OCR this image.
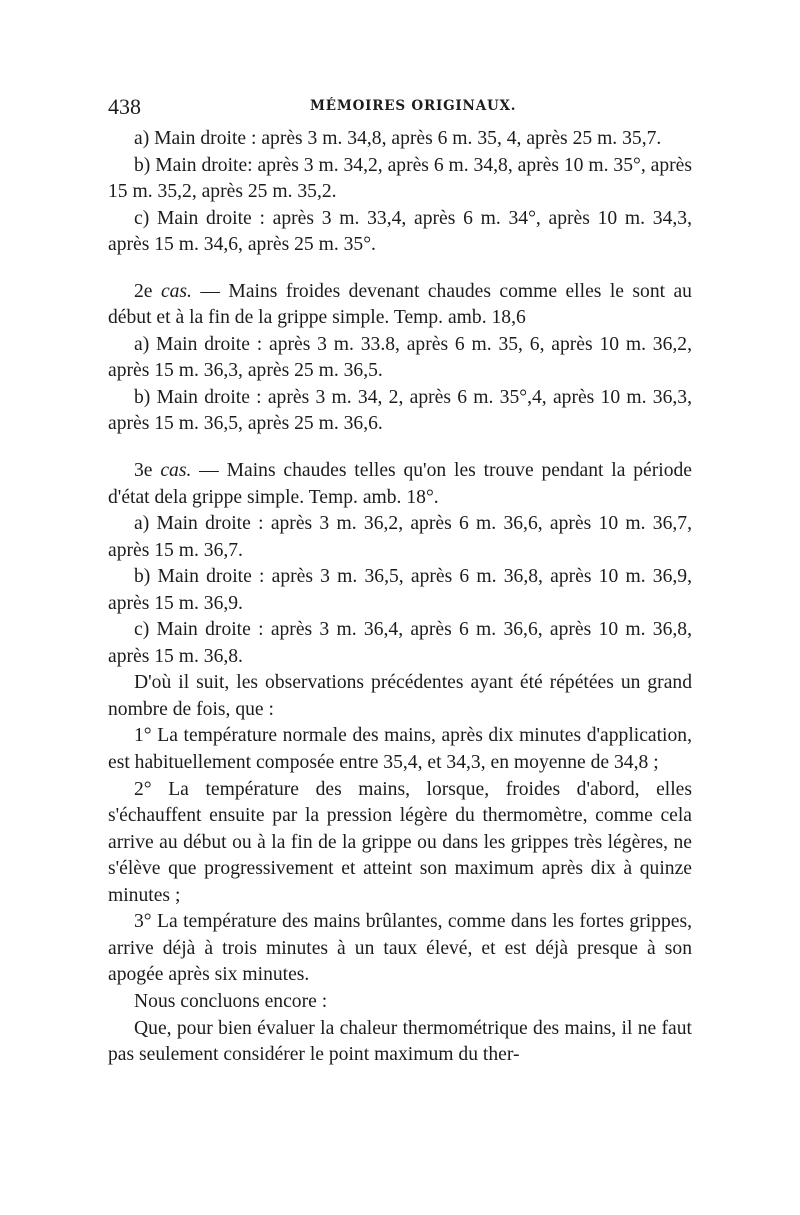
438	MÉMOIRES ORIGINAUX.

a) Main droite : après 3 m. 34,8, après 6 m. 35, 4, après 25 m. 35,7.

b) Main droite: après 3 m. 34,2, après 6 m. 34,8, après 10 m. 35°, après 15 m. 35,2, après 25 m. 35,2.

c) Main droite : après 3 m. 33,4, après 6 m. 34°, après 10 m. 34,3, après 15 m. 34,6, après 25 m. 35°.

2e cas. — Mains froides devenant chaudes comme elles le sont au début et à la fin de la grippe simple. Temp. amb. 18,6

a) Main droite : après 3 m. 33.8, après 6 m. 35, 6, après 10 m. 36,2, après 15 m. 36,3, après 25 m. 36,5.

b) Main droite : après 3 m. 34, 2, après 6 m. 35°,4, après 10 m. 36,3, après 15 m. 36,5, après 25 m. 36,6.

3e cas. — Mains chaudes telles qu'on les trouve pendant la période d'état dela grippe simple. Temp. amb. 18°.

a) Main droite : après 3 m. 36,2, après 6 m. 36,6, après 10 m. 36,7, après 15 m. 36,7.

b) Main droite : après 3 m. 36,5, après 6 m. 36,8, après 10 m. 36,9, après 15 m. 36,9.

c) Main droite : après 3 m. 36,4, après 6 m. 36,6, après 10 m. 36,8, après 15 m. 36,8.

D'où il suit, les observations précédentes ayant été répétées un grand nombre de fois, que :

1° La température normale des mains, après dix minutes d'application, est habituellement composée entre 35,4, et 34,3, en moyenne de 34,8 ;

2° La température des mains, lorsque, froides d'abord, elles s'échauffent ensuite par la pression légère du thermomètre, comme cela arrive au début ou à la fin de la grippe ou dans les grippes très légères, ne s'élève que progressivement et atteint son maximum après dix à quinze minutes ;

3° La température des mains brûlantes, comme dans les fortes grippes, arrive déjà à trois minutes à un taux élevé, et est déjà presque à son apogée après six minutes.

Nous concluons encore :

Que, pour bien évaluer la chaleur thermométrique des mains, il ne faut pas seulement considérer le point maximum du ther-
